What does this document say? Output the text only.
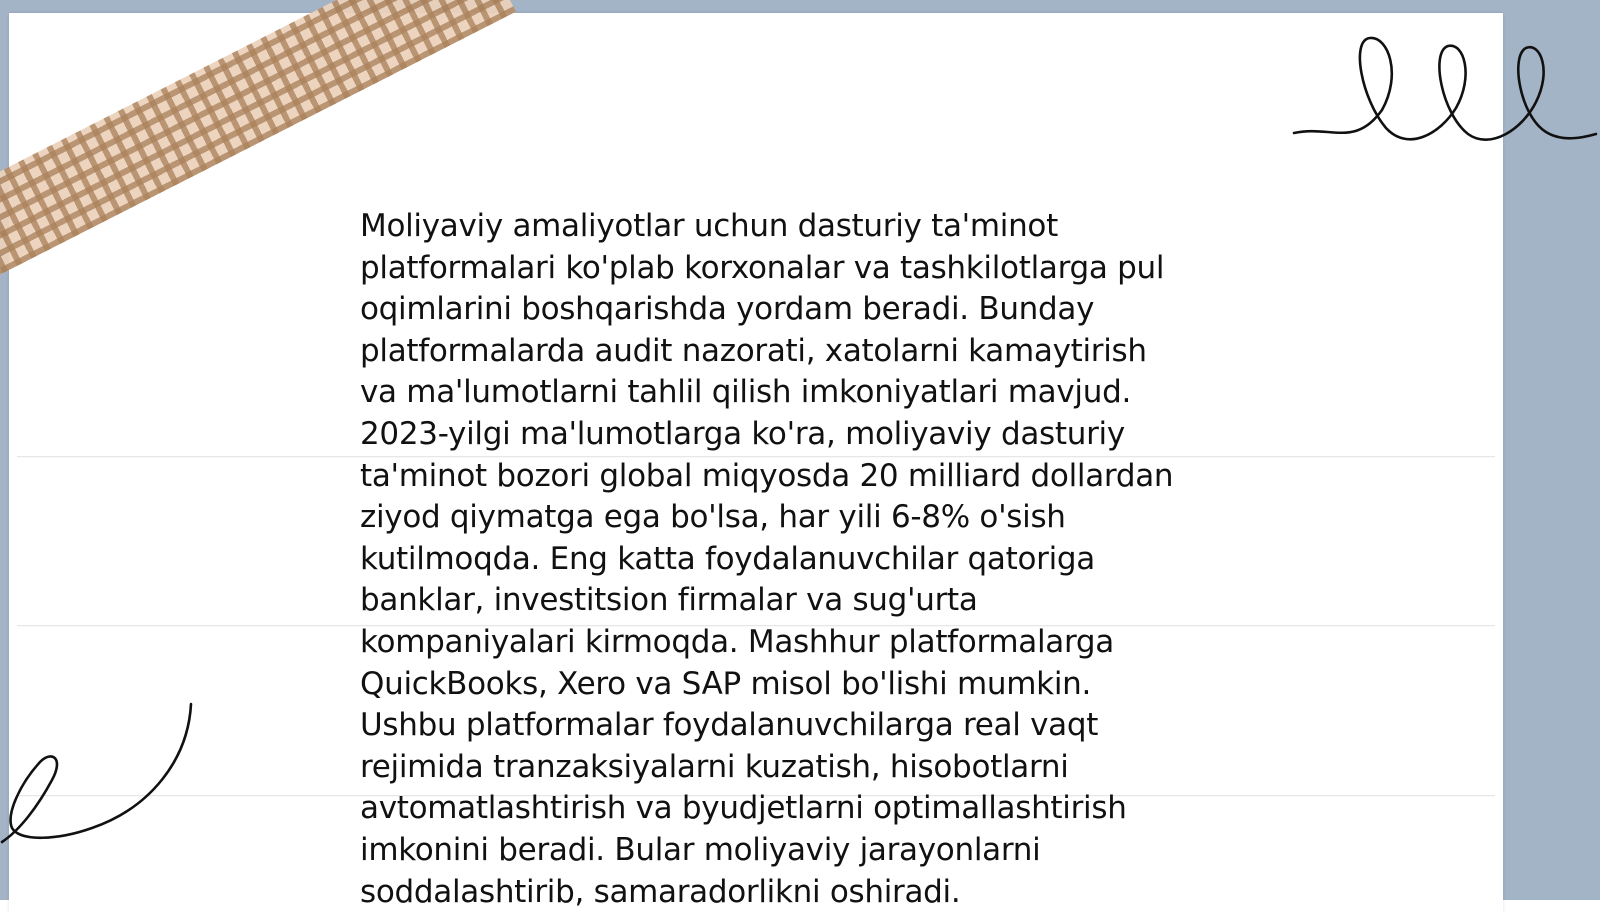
Moliyaviy amaliyotlar uchun dasturiy ta'minot
platformalari ko'plab korxonalar va tashkilotlarga pul
oqimlarini boshqarishda yordam beradi. Bunday
platformalarda audit nazorati, xatolarni kamaytirish
va ma'lumotlarni tahlil qilish imkoniyatlari mavjud.
2023-yilgi ma'lumotlarga ko'ra, moliyaviy dasturiy
ta'minot bozori global miqyosda 20 milliard dollardan
ziyod qiymatga ega bo'lsa, har yili 6-8% o'sish
kutilmoqda. Eng katta foydalanuvchilar qatoriga
banklar, investitsion firmalar va sug'urta
kompaniyalari kirmoqda. Mashhur platformalarga
QuickBooks, Xero va SAP misol bo'lishi mumkin.
Ushbu platformalar foydalanuvchilarga real vaqt
rejimida tranzaksiyalarni kuzatish, hisobotlarni
avtomatlashtirish va byudjetlarni optimallashtirish
imkonini beradi. Bular moliyaviy jarayonlarni
soddalashtirib, samaradorlikni oshiradi.
